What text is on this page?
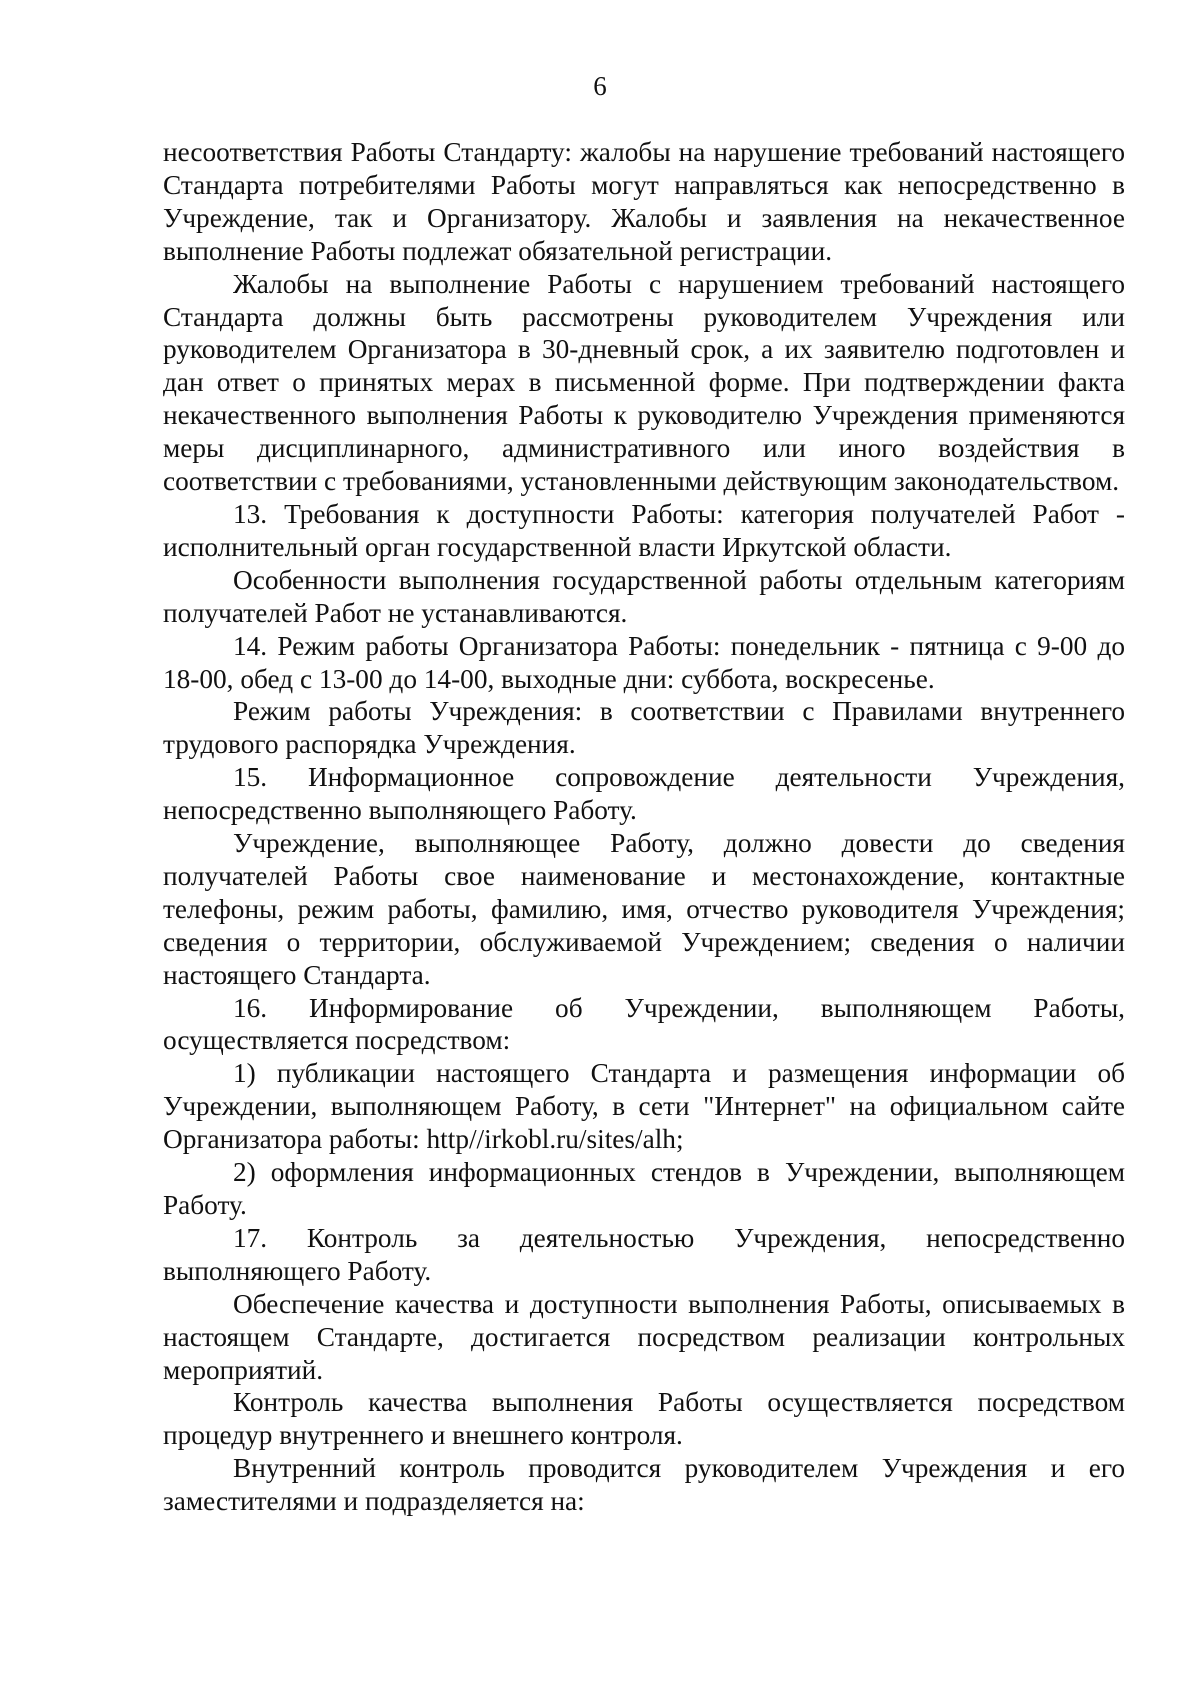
6

несоответствия Работы Стандарту: жалобы на нарушение требований настоящего Стандарта потребителями Работы могут направляться как непосредственно в Учреждение, так и Организатору. Жалобы и заявления на некачественное выполнение Работы подлежат обязательной регистрации.

Жалобы на выполнение Работы с нарушением требований настоящего Стандарта должны быть рассмотрены руководителем Учреждения или руководителем Организатора в 30-дневный срок, а их заявителю подготовлен и дан ответ о принятых мерах в письменной форме. При подтверждении факта некачественного выполнения Работы к руководителю Учреждения применяются меры дисциплинарного, административного или иного воздействия в соответствии с требованиями, установленными действующим законодательством.

13. Требования к доступности Работы: категория получателей Работ - исполнительный орган государственной власти Иркутской области.

Особенности выполнения государственной работы отдельным категориям получателей Работ не устанавливаются.

14. Режим работы Организатора Работы: понедельник - пятница с 9-00 до 18-00, обед с 13-00 до 14-00, выходные дни: суббота, воскресенье.

Режим работы Учреждения: в соответствии с Правилами внутреннего трудового распорядка Учреждения.

15. Информационное сопровождение деятельности Учреждения, непосредственно выполняющего Работу.

Учреждение, выполняющее Работу, должно довести до сведения получателей Работы свое наименование и местонахождение, контактные телефоны, режим работы, фамилию, имя, отчество руководителя Учреждения; сведения о территории, обслуживаемой Учреждением; сведения о наличии настоящего Стандарта.

16. Информирование об Учреждении, выполняющем Работы, осуществляется посредством:

1) публикации настоящего Стандарта и размещения информации об Учреждении, выполняющем Работу, в сети "Интернет" на официальном сайте Организатора работы: http//irkobl.ru/sites/alh;

2) оформления информационных стендов в Учреждении, выполняющем Работу.

17. Контроль за деятельностью Учреждения, непосредственно выполняющего Работу.

Обеспечение качества и доступности выполнения Работы, описываемых в настоящем Стандарте, достигается посредством реализации контрольных мероприятий.

Контроль качества выполнения Работы осуществляется посредством процедур внутреннего и внешнего контроля.

Внутренний контроль проводится руководителем Учреждения и его заместителями и подразделяется на:
